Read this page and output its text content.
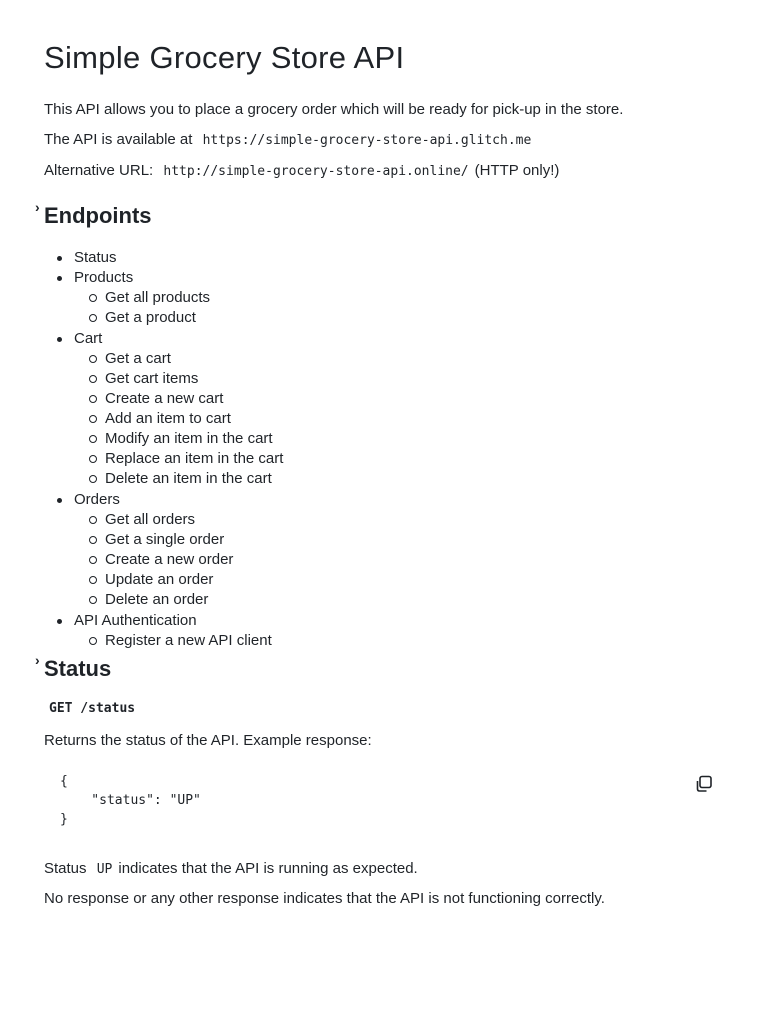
Simple Grocery Store API

This API allows you to place a grocery order which will be ready for pick-up in the store.

The API is available at https://simple-grocery-store-api.glitch.me

Alternative URL: http://simple-grocery-store-api.online/ (HTTP only!)

› Endpoints
Status
Products
Get all products
Get a product
Cart
Get a cart
Get cart items
Create a new cart
Add an item to cart
Modify an item in the cart
Replace an item in the cart
Delete an item in the cart
Orders
Get all orders
Get a single order
Create a new order
Update an order
Delete an order
API Authentication
Register a new API client
› Status
GET /status

Returns the status of the API. Example response:

{
"status": "UP"
}

Status UP indicates that the API is running as expected.

No response or any other response indicates that the API is not functioning correctly.
